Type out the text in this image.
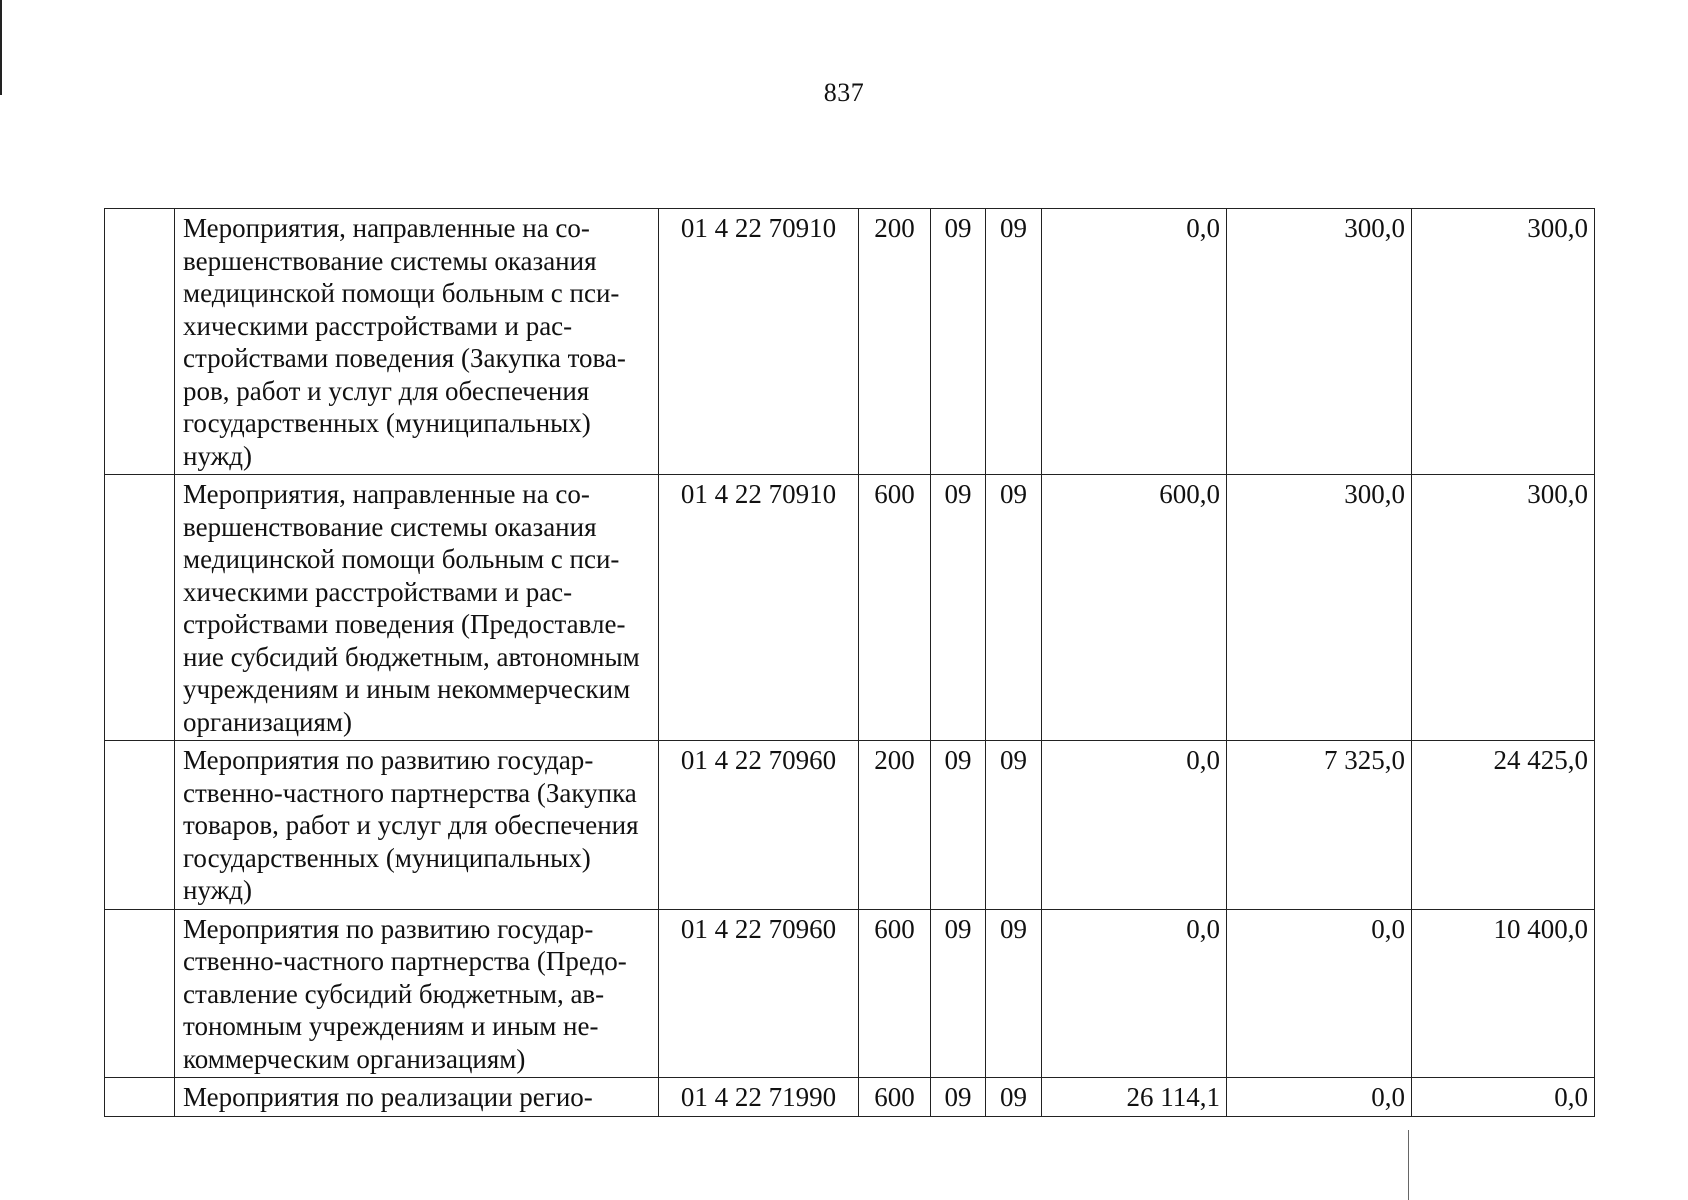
837
	Мероприятия, направленные на совершенствование системы оказания медицинской помощи больным с психическими расстройствами и расстройствами поведения (Закупка товаров, работ и услуг для обеспечения государственных (муниципальных) нужд)	01 4 22 70910	200	09	09	0,0	300,0	300,0
	Мероприятия, направленные на совершенствование системы оказания медицинской помощи больным с психическими расстройствами и расстройствами поведения (Предоставление субсидий бюджетным, автономным учреждениям и иным некоммерческим организациям)	01 4 22 70910	600	09	09	600,0	300,0	300,0
	Мероприятия по развитию государственно-частного партнерства (Закупка товаров, работ и услуг для обеспечения государственных (муниципальных) нужд)	01 4 22 70960	200	09	09	0,0	7 325,0	24 425,0
	Мероприятия по развитию государственно-частного партнерства (Предоставление субсидий бюджетным, автономным учреждениям и иным некоммерческим организациям)	01 4 22 70960	600	09	09	0,0	0,0	10 400,0
	Мероприятия по реализации регио-	01 4 22 71990	600	09	09	26 114,1	0,0	0,0
